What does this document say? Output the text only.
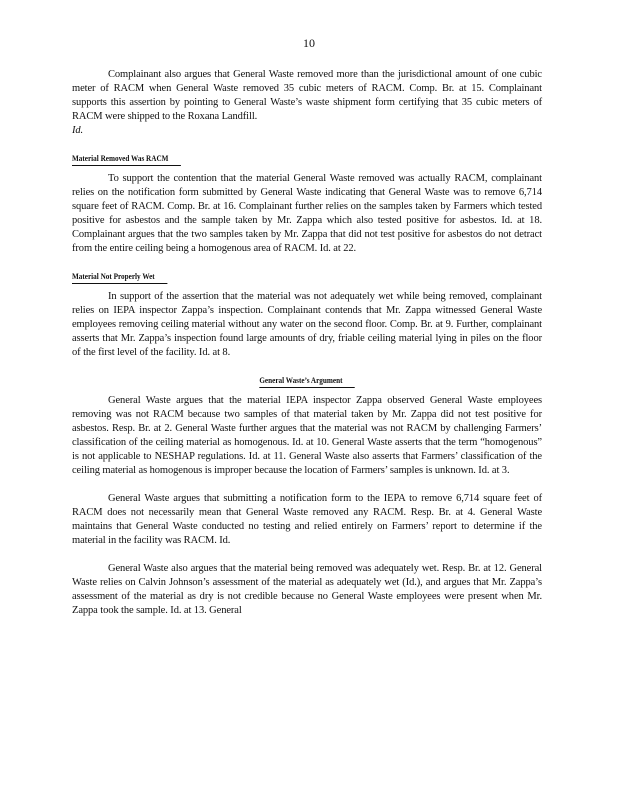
10

Complainant also argues that General Waste removed more than the jurisdictional amount of one cubic meter of RACM when General Waste removed 35 cubic meters of RACM. Comp. Br. at 15. Complainant supports this assertion by pointing to General Waste’s waste shipment form certifying that 35 cubic meters of RACM were shipped to the Roxana Landfill.
Id.

Material Removed Was RACM

To support the contention that the material General Waste removed was actually RACM, complainant relies on the notification form submitted by General Waste indicating that General Waste was to remove 6,714 square feet of RACM. Comp. Br. at 16. Complainant further relies on the samples taken by Farmers which tested positive for asbestos and the sample taken by Mr. Zappa which also tested positive for asbestos. Id. at 18. Complainant argues that the two samples taken by Mr. Zappa that did not test positive for asbestos do not detract from the entire ceiling being a homogenous area of RACM. Id. at 22.

Material Not Properly Wet

In support of the assertion that the material was not adequately wet while being removed, complainant relies on IEPA inspector Zappa’s inspection. Complainant contends that Mr. Zappa witnessed General Waste employees removing ceiling material without any water on the second floor. Comp. Br. at 9. Further, complainant asserts that Mr. Zappa’s inspection found large amounts of dry, friable ceiling material lying in piles on the floor of the first level of the facility. Id. at 8.

General Waste’s Argument

General Waste argues that the material IEPA inspector Zappa observed General Waste employees removing was not RACM because two samples of that material taken by Mr. Zappa did not test positive for asbestos. Resp. Br. at 2. General Waste further argues that the material was not RACM by challenging Farmers’ classification of the ceiling material as homogenous. Id. at 10. General Waste asserts that the term “homogenous” is not applicable to NESHAP regulations. Id. at 11. General Waste also asserts that Farmers’ classification of the ceiling material as homogenous is improper because the location of Farmers’ samples is unknown. Id. at 3.

General Waste argues that submitting a notification form to the IEPA to remove 6,714 square feet of RACM does not necessarily mean that General Waste removed any RACM. Resp. Br. at 4. General Waste maintains that General Waste conducted no testing and relied entirely on Farmers’ report to determine if the material in the facility was RACM. Id.

General Waste also argues that the material being removed was adequately wet. Resp. Br. at 12. General Waste relies on Calvin Johnson’s assessment of the material as adequately wet (Id.), and argues that Mr. Zappa’s assessment of the material as dry is not credible because no General Waste employees were present when Mr. Zappa took the sample. Id. at 13. General
